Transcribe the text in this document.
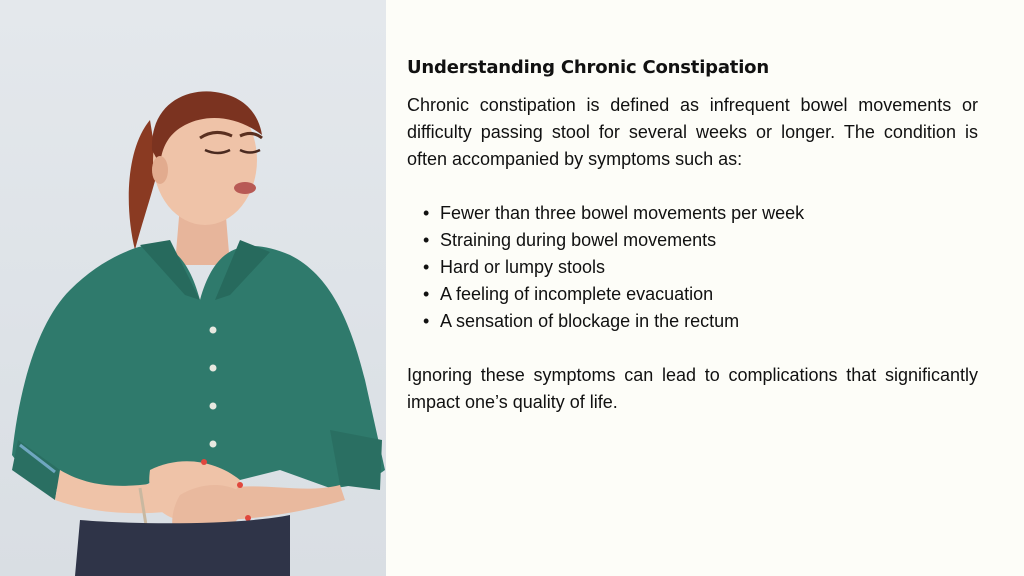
Understanding Chronic Constipation

Chronic constipation is defined as infrequent bowel movements or difficulty passing stool for several weeks or longer. The condition is often accompanied by symptoms such as:

• Fewer than three bowel movements per week
• Straining during bowel movements
• Hard or lumpy stools
• A feeling of incomplete evacuation
• A sensation of blockage in the rectum

Ignoring these symptoms can lead to complications that significantly impact one’s quality of life.
